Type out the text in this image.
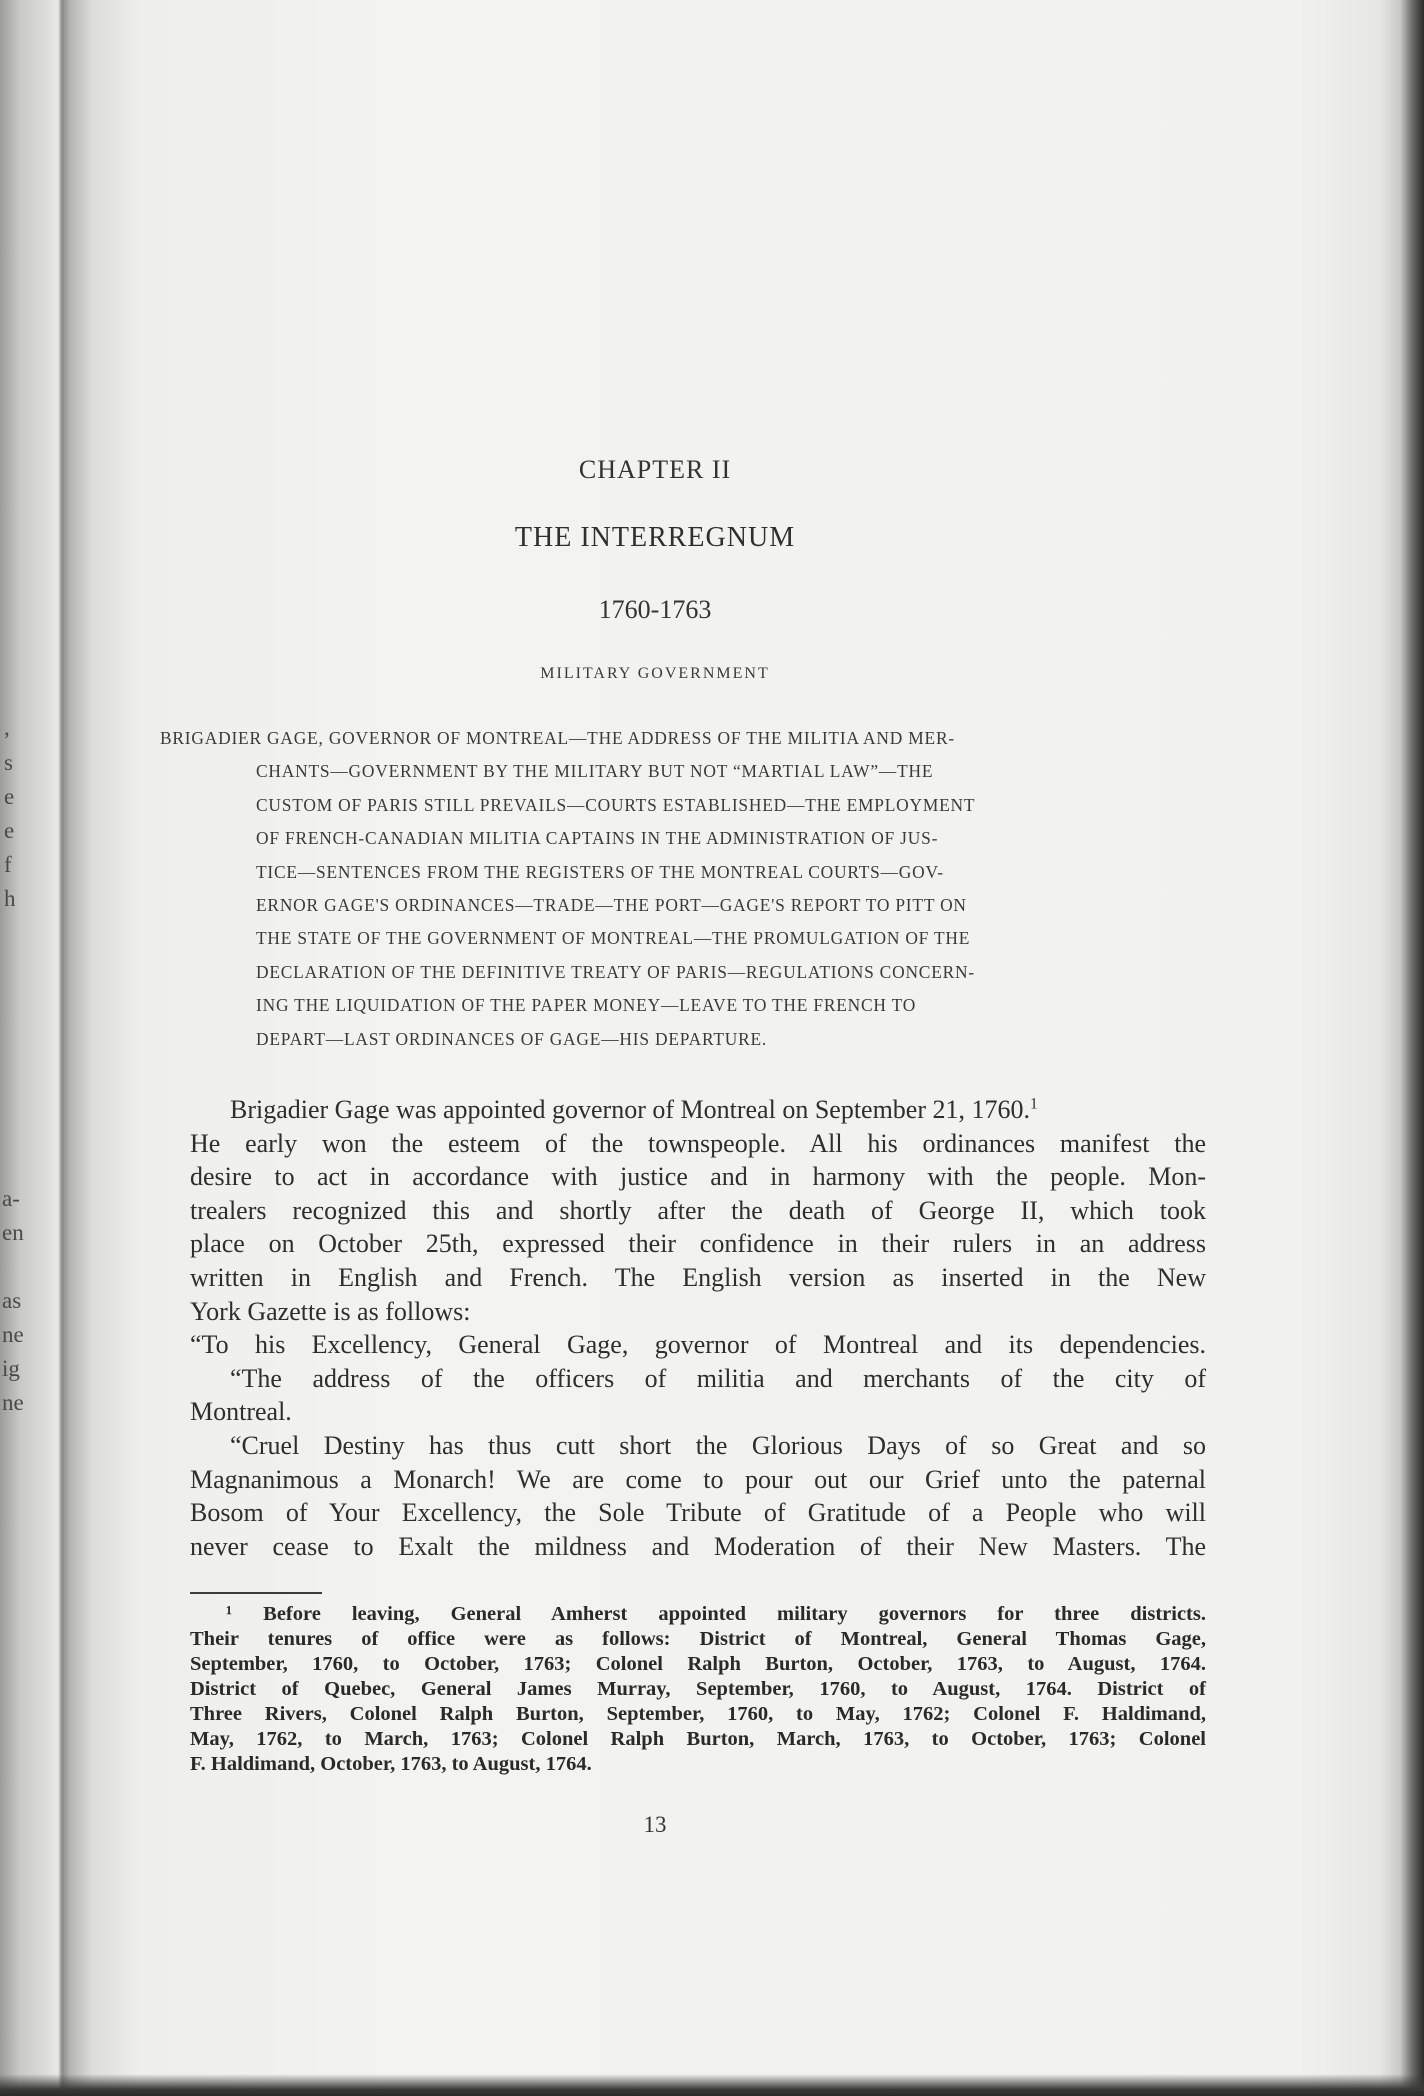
,
s
e
e
f
h
a-
en
as
ne
ig
ne
CHAPTER II
THE INTERREGNUM
1760-1763
MILITARY GOVERNMENT
BRIGADIER GAGE, GOVERNOR OF MONTREAL—THE ADDRESS OF THE MILITIA AND MER-
CHANTS—GOVERNMENT BY THE MILITARY BUT NOT “MARTIAL LAW”—THE
CUSTOM OF PARIS STILL PREVAILS—COURTS ESTABLISHED—THE EMPLOYMENT
OF FRENCH-CANADIAN MILITIA CAPTAINS IN THE ADMINISTRATION OF JUS-
TICE—SENTENCES FROM THE REGISTERS OF THE MONTREAL COURTS—GOV-
ERNOR GAGE'S ORDINANCES—TRADE—THE PORT—GAGE'S REPORT TO PITT ON
THE STATE OF THE GOVERNMENT OF MONTREAL—THE PROMULGATION OF THE
DECLARATION OF THE DEFINITIVE TREATY OF PARIS—REGULATIONS CONCERN-
ING THE LIQUIDATION OF THE PAPER MONEY—LEAVE TO THE FRENCH TO
DEPART—LAST ORDINANCES OF GAGE—HIS DEPARTURE.
Brigadier Gage was appointed governor of Montreal on September 21, 1760.$^1$
He early won the esteem of the townspeople. All his ordinances manifest the
desire to act in accordance with justice and in harmony with the people. Mon-
trealers recognized this and shortly after the death of George II, which took
place on October 25th, expressed their confidence in their rulers in an address
written in English and French. The English version as inserted in the New
York Gazette is as follows:
“To his Excellency, General Gage, governor of Montreal and its dependencies.
“The address of the officers of militia and merchants of the city of
Montreal.
“Cruel Destiny has thus cutt short the Glorious Days of so Great and so
Magnanimous a Monarch! We are come to pour out our Grief unto the paternal
Bosom of Your Excellency, the Sole Tribute of Gratitude of a People who will
never cease to Exalt the mildness and Moderation of their New Masters. The
¹ Before leaving, General Amherst appointed military governors for three districts.
Their tenures of office were as follows: District of Montreal, General Thomas Gage,
September, 1760, to October, 1763; Colonel Ralph Burton, October, 1763, to August, 1764.
District of Quebec, General James Murray, September, 1760, to August, 1764. District of
Three Rivers, Colonel Ralph Burton, September, 1760, to May, 1762; Colonel F. Haldimand,
May, 1762, to March, 1763; Colonel Ralph Burton, March, 1763, to October, 1763; Colonel
F. Haldimand, October, 1763, to August, 1764.
13
